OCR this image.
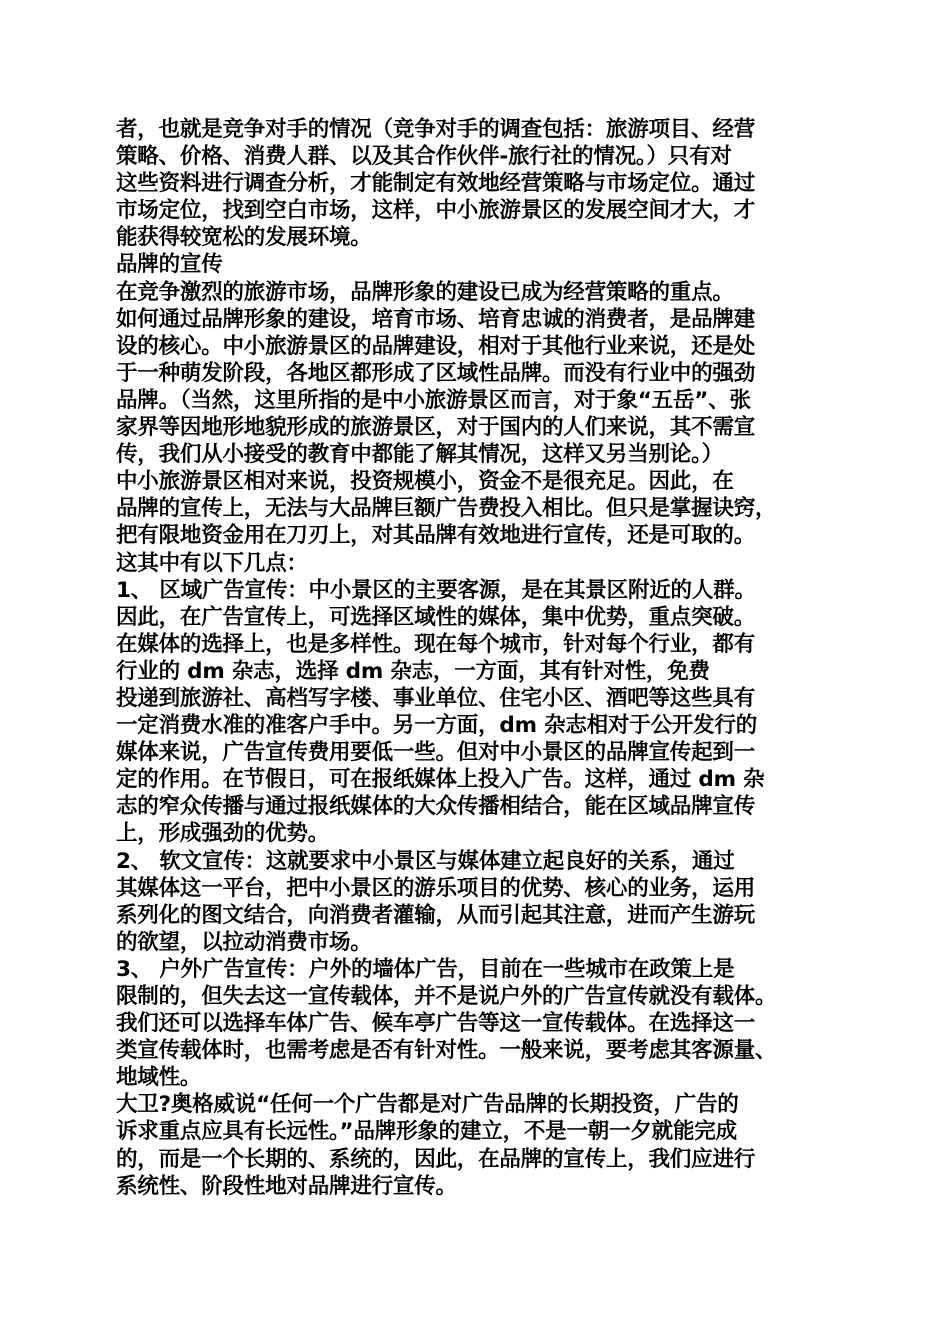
者，也就是竞争对手的情况（竞争对手的调查包括：旅游项目、经营
策略、价格、消费人群、以及其合作伙伴-旅行社的情况。）只有对
这些资料进行调查分析，才能制定有效地经营策略与市场定位。通过
市场定位，找到空白市场，这样，中小旅游景区的发展空间才大，才
能获得较宽松的发展环境。
品牌的宣传
在竞争激烈的旅游市场，品牌形象的建设已成为经营策略的重点。
如何通过品牌形象的建设，培育市场、培育忠诚的消费者，是品牌建
设的核心。中小旅游景区的品牌建设，相对于其他行业来说，还是处
于一种萌发阶段，各地区都形成了区域性品牌。而没有行业中的强劲
品牌。（当然，这里所指的是中小旅游景区而言，对于象“五岳”、张
家界等因地形地貌形成的旅游景区，对于国内的人们来说，其不需宣
传，我们从小接受的教育中都能了解其情况，这样又另当别论。）
中小旅游景区相对来说，投资规模小，资金不是很充足。因此，在
品牌的宣传上，无法与大品牌巨额广告费投入相比。但只是掌握诀窍，
把有限地资金用在刀刃上，对其品牌有效地进行宣传，还是可取的。
这其中有以下几点：
1、 区域广告宣传：中小景区的主要客源，是在其景区附近的人群。
因此，在广告宣传上，可选择区域性的媒体，集中优势，重点突破。
在媒体的选择上，也是多样性。现在每个城市，针对每个行业，都有
行业的 dm 杂志，选择 dm 杂志，一方面，其有针对性，免费
投递到旅游社、高档写字楼、事业单位、住宅小区、酒吧等这些具有
一定消费水准的准客户手中。另一方面，dm 杂志相对于公开发行的
媒体来说，广告宣传费用要低一些。但对中小景区的品牌宣传起到一
定的作用。在节假日，可在报纸媒体上投入广告。这样，通过 dm 杂
志的窄众传播与通过报纸媒体的大众传播相结合，能在区域品牌宣传
上，形成强劲的优势。
2、 软文宣传：这就要求中小景区与媒体建立起良好的关系，通过
其媒体这一平台，把中小景区的游乐项目的优势、核心的业务，运用
系列化的图文结合，向消费者灌输，从而引起其注意，进而产生游玩
的欲望，以拉动消费市场。
3、 户外广告宣传：户外的墙体广告，目前在一些城市在政策上是
限制的，但失去这一宣传载体，并不是说户外的广告宣传就没有载体。
我们还可以选择车体广告、候车亭广告等这一宣传载体。在选择这一
类宣传载体时，也需考虑是否有针对性。一般来说，要考虑其客源量、
地域性。
大卫?奥格威说“任何一个广告都是对广告品牌的长期投资，广告的
诉求重点应具有长远性。”品牌形象的建立，不是一朝一夕就能完成
的，而是一个长期的、系统的，因此，在品牌的宣传上，我们应进行
系统性、阶段性地对品牌进行宣传。
